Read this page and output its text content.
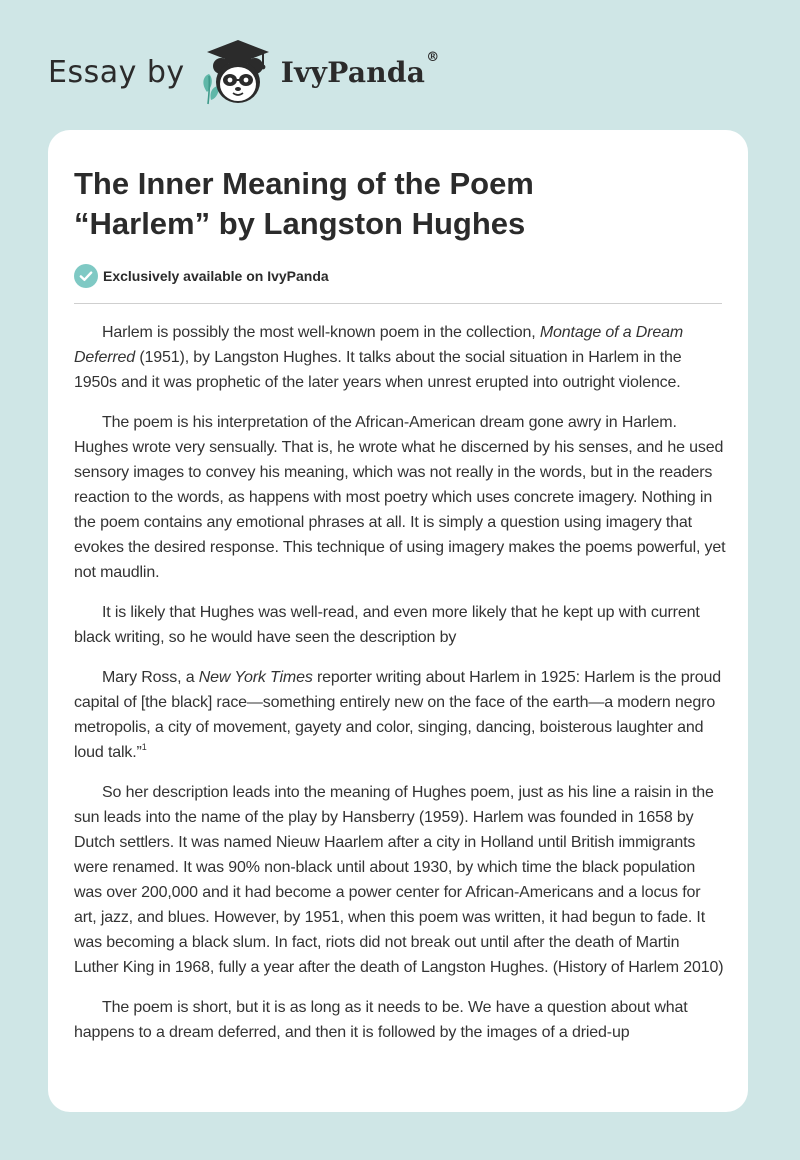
Essay by	IvyPanda®
The Inner Meaning of the Poem
“Harlem” by Langston Hughes
Exclusively available on IvyPanda

Harlem is possibly the most well-known poem in the collection, Montage of a Dream Deferred (1951), by Langston Hughes. It talks about the social situation in Harlem in the 1950s and it was prophetic of the later years when unrest erupted into outright violence.

The poem is his interpretation of the African-American dream gone awry in Harlem. Hughes wrote very sensually. That is, he wrote what he discerned by his senses, and he used sensory images to convey his meaning, which was not really in the words, but in the readers reaction to the words, as happens with most poetry which uses concrete imagery. Nothing in the poem contains any emotional phrases at all. It is simply a question using imagery that evokes the desired response. This technique of using imagery makes the poems powerful, yet not maudlin.

It is likely that Hughes was well-read, and even more likely that he kept up with current black writing, so he would have seen the description by

Mary Ross, a New York Times reporter writing about Harlem in 1925: Harlem is the proud capital of [the black] race—something entirely new on the face of the earth—a modern negro metropolis, a city of movement, gayety and color, singing, dancing, boisterous laughter and loud talk.”$^1$

So her description leads into the meaning of Hughes poem, just as his line a raisin in the sun leads into the name of the play by Hansberry (1959). Harlem was founded in 1658 by Dutch settlers. It was named Nieuw Haarlem after a city in Holland until British immigrants were renamed. It was 90% non-black until about 1930, by which time the black population was over 200,000 and it had become a power center for African-Americans and a locus for art, jazz, and blues. However, by 1951, when this poem was written, it had begun to fade. It was becoming a black slum. In fact, riots did not break out until after the death of Martin Luther King in 1968, fully a year after the death of Langston Hughes. (History of Harlem 2010)

The poem is short, but it is as long as it needs to be. We have a question about what happens to a dream deferred, and then it is followed by the images of a dried-up
